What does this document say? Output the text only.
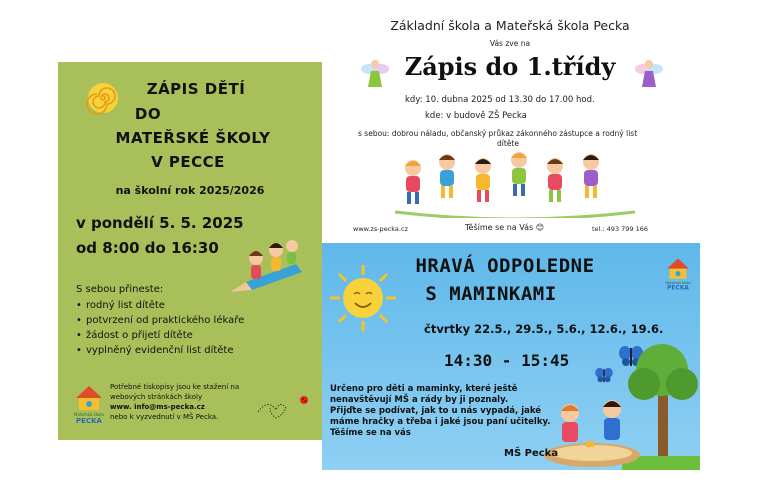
ZÁPIS DĚTÍ
DO
MATEŘSKÉ ŠKOLY
V PECCE
na školní rok 2025/2026
v pondělí 5. 5. 2025
od 8:00 do 16:30
S sebou přineste:
• rodný list dítěte
• potvrzení od praktického lékaře
• žádost o přijetí dítěte
• vyplněný evidenční list dítěte
Mateřská škola
PECKA
Potřebné tiskopisy jsou ke stažení na
webových stránkách školy
www. info@ms-pecka.cz
nebo k vyzvednutí v MŠ Pecka.
Základní škola a Mateřská škola Pecka
Vás zve na
Zápis do 1.třídy
kdy: 10. dubna 2025 od 13.30 do 17.00 hod.
kde: v budově ZŠ Pecka
s sebou: dobrou náladu, občanský průkaz zákonného zástupce a rodný list
dítěte
www.zs-pecka.cz	Těšíme se na Vás 😊	tel.: 493 799 166
HRAVÁ ODPOLEDNE
S MAMINKAMI
Mateřská škola
PECKA
čtvrtky 22.5., 29.5., 5.6., 12.6., 19.6.
14:30 - 15:45
Určeno pro děti a maminky, které ještě
nenavštěvují MŠ a rády by ji poznaly.
Přijďte se podívat, jak to u nás vypadá, jaké
máme hračky a třeba i jaké jsou paní učitelky.
Těšíme se na vás
MŠ Pecka
